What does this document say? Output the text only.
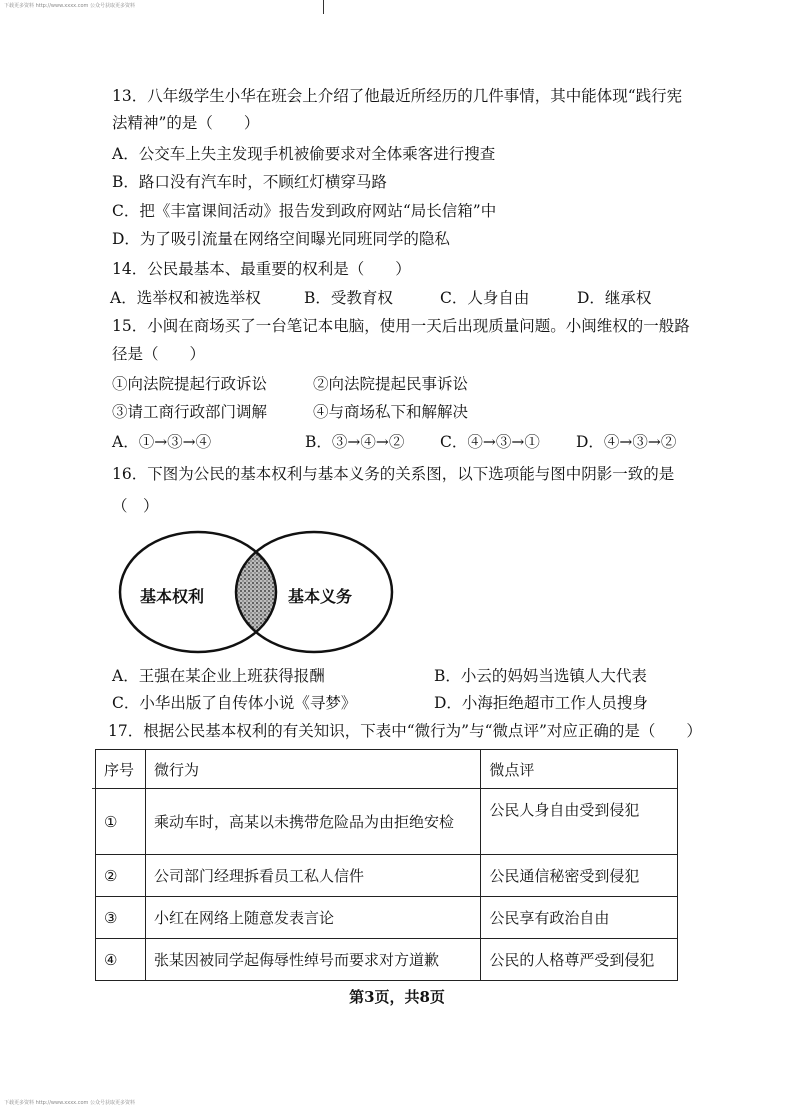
下载更多资料 http://www.xxxx.com 公众号获取更多资料
13．八年级学生小华在班会上介绍了他最近所经历的几件事情，其中能体现“践行宪
法精神”的是（　　）
A．公交车上失主发现手机被偷要求对全体乘客进行搜查
B．路口没有汽车时，不顾红灯横穿马路
C．把《丰富课间活动》报告发到政府网站“局长信箱”中
D．为了吸引流量在网络空间曝光同班同学的隐私
14．公民最基本、最重要的权利是（　　）
A．选举权和被选举权	B．受教育权	C．人身自由	D．继承权
15．小闽在商场买了一台笔记本电脑，使用一天后出现质量问题。小闽维权的一般路
径是（　　）
①向法院提起行政诉讼	②向法院提起民事诉讼
③请工商行政部门调解	④与商场私下和解解决
A．①→③→④	B．③→④→② C．④→③→① D．④→③→②
16．下图为公民的基本权利与基本义务的关系图，以下选项能与图中阴影一致的是
（　）
基本权利	基本义务
A．王强在某企业上班获得报酬	B．小云的妈妈当选镇人大代表
C．小华出版了自传体小说《寻梦》	D．小海拒绝超市工作人员搜身
17．根据公民基本权利的有关知识，下表中“微行为”与“微点评”对应正确的是（　　）
序号	微行为	微点评
①	乘动车时，高某以未携带危险品为由拒绝安检	公民人身自由受到侵犯
②	公司部门经理拆看员工私人信件	公民通信秘密受到侵犯
③	小红在网络上随意发表言论	公民享有政治自由
④	张某因被同学起侮辱性绰号而要求对方道歉	公民的人格尊严受到侵犯
第3页，共8页
下载更多资料 http://www.xxxx.com 公众号获取更多资料
